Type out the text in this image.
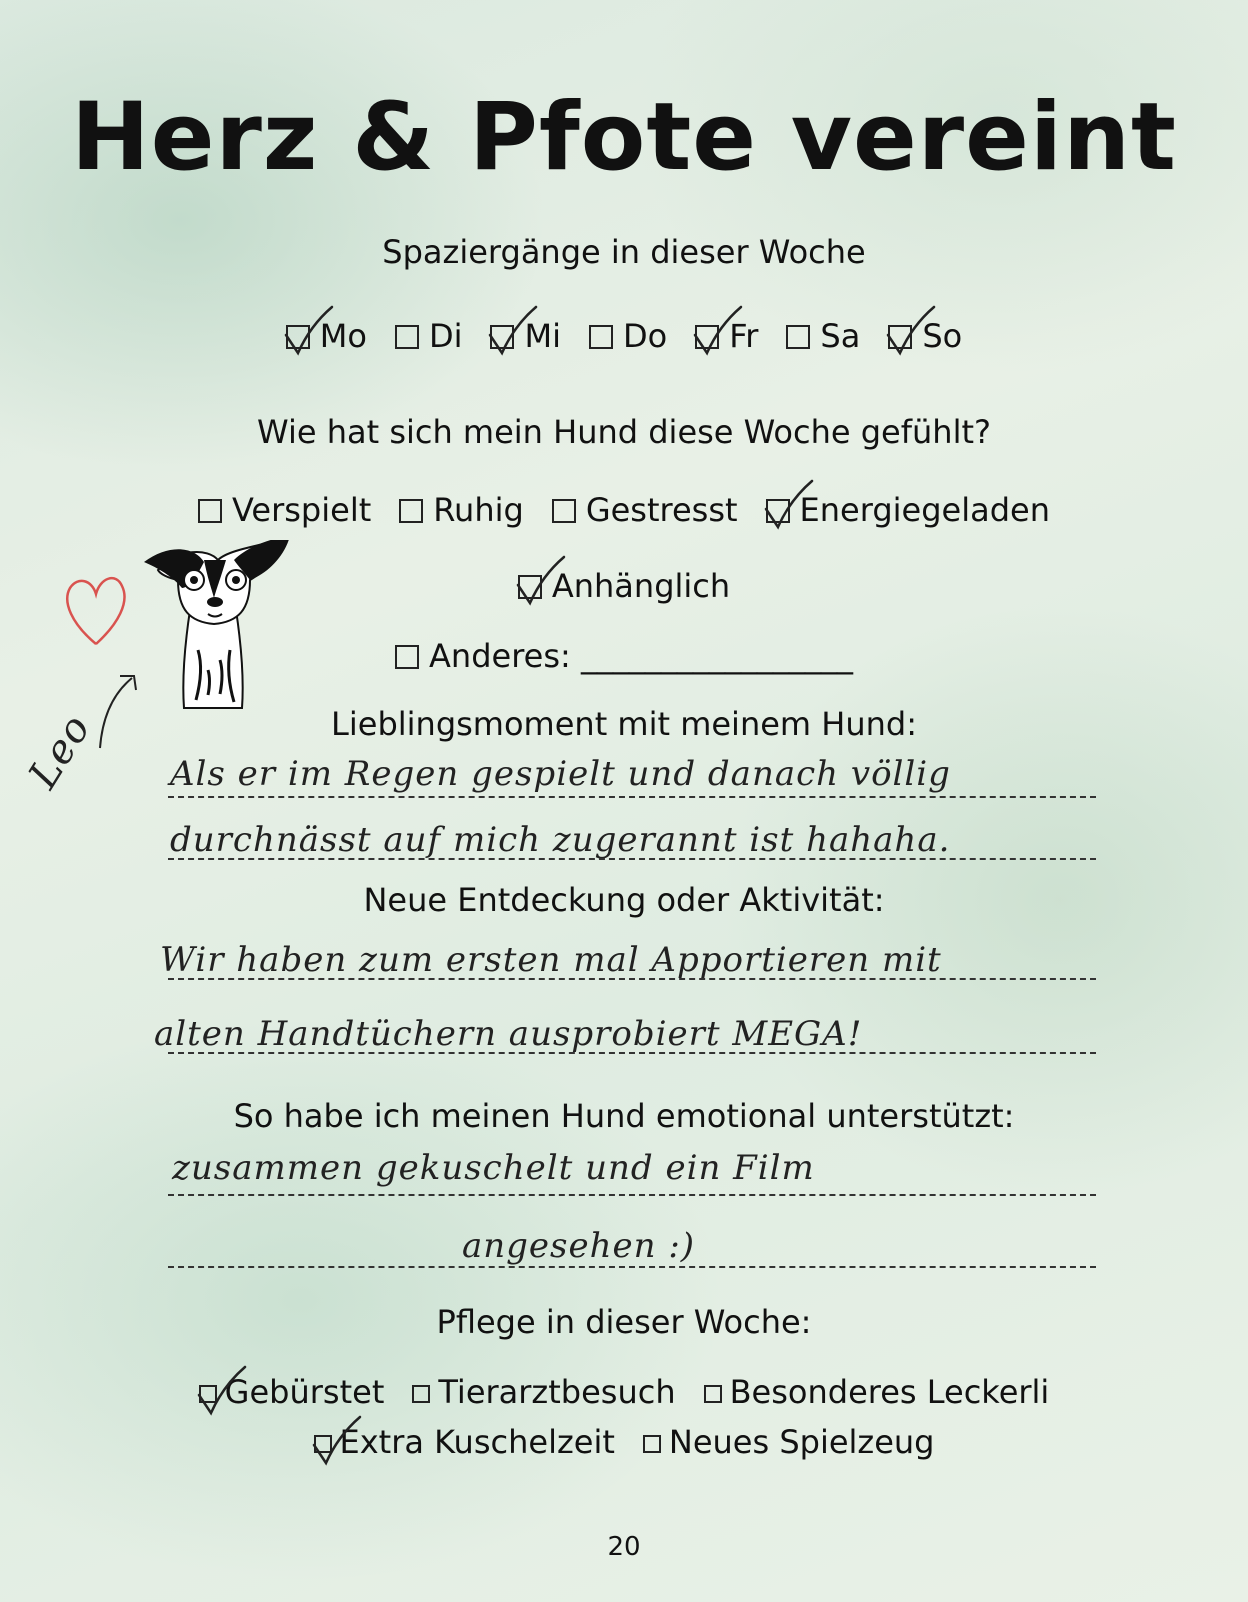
Herz & Pfote vereint
Spaziergänge in dieser Woche
Mo Di Mi Do Fr Sa So
Wie hat sich mein Hund diese Woche gefühlt?
Verspielt Ruhig Gestresst Energiegeladen
Anhänglich
Anderes: _________________
Leo	Lieblingsmoment mit meinem Hund:
Als er im Regen gespielt und danach völlig
durchnässt auf mich zugerannt ist hahaha.
Neue Entdeckung oder Aktivität:
Wir haben zum ersten mal Apportieren mit
alten Handtüchern ausprobiert MEGA!
So habe ich meinen Hund emotional unterstützt:
zusammen gekuschelt und ein Film
angesehen :)
Pflege in dieser Woche:
Gebürstet Tierarztbesuch Besonderes Leckerli
Extra Kuschelzeit Neues Spielzeug
20
